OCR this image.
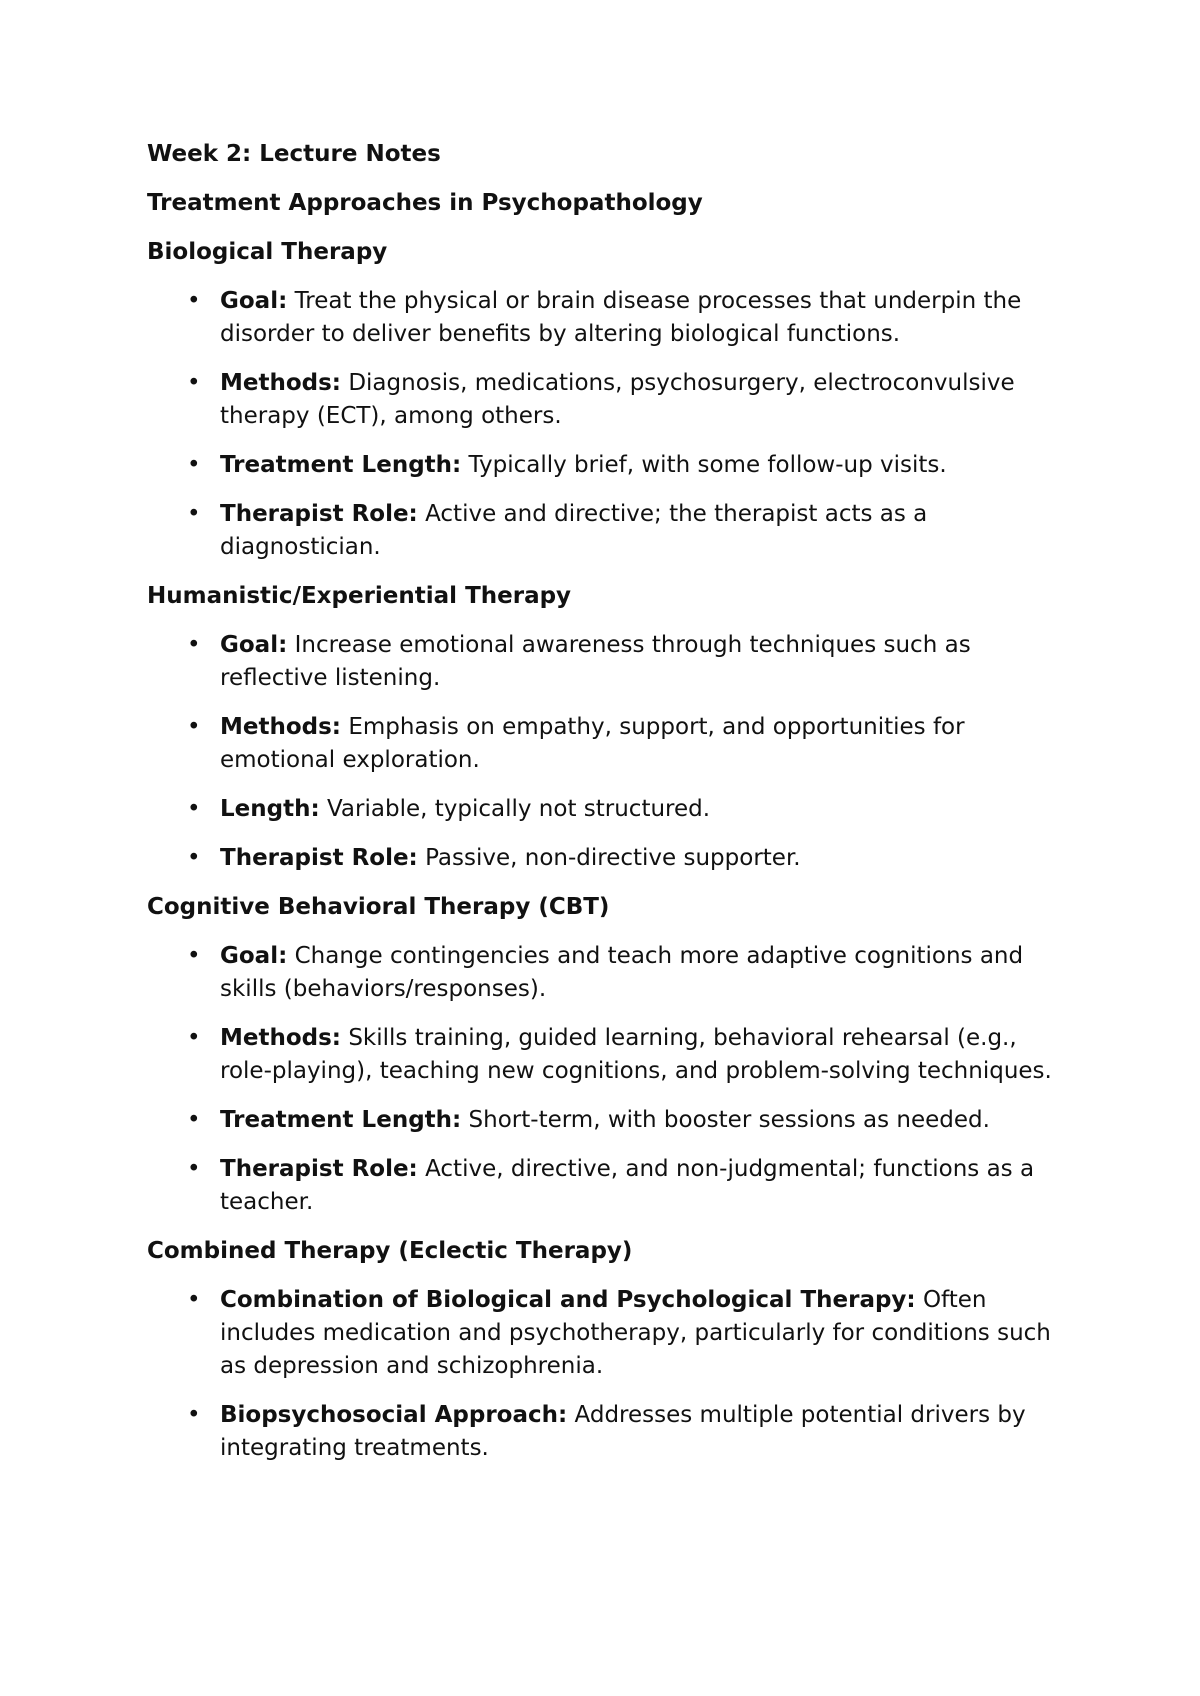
Week 2: Lecture Notes
Treatment Approaches in Psychopathology
Biological Therapy
•
Goal: Treat the physical or brain disease processes that underpin the disorder to deliver benefits by altering biological functions.
•
Methods: Diagnosis, medications, psychosurgery, electroconvulsive therapy (ECT), among others.
•
Treatment Length: Typically brief, with some follow-up visits.
•
Therapist Role: Active and directive; the therapist acts as a diagnostician.
Humanistic/Experiential Therapy
•
Goal: Increase emotional awareness through techniques such as reflective listening.
•
Methods: Emphasis on empathy, support, and opportunities for emotional exploration.
•
Length: Variable, typically not structured.
•
Therapist Role: Passive, non-directive supporter.
Cognitive Behavioral Therapy (CBT)
•
Goal: Change contingencies and teach more adaptive cognitions and skills (behaviors/responses).
•
Methods: Skills training, guided learning, behavioral rehearsal (e.g., role-playing), teaching new cognitions, and problem-solving techniques.
•
Treatment Length: Short-term, with booster sessions as needed.
•
Therapist Role: Active, directive, and non-judgmental; functions as a teacher.
Combined Therapy (Eclectic Therapy)
•
Combination of Biological and Psychological Therapy: Often includes medication and psychotherapy, particularly for conditions such as depression and schizophrenia.
•
Biopsychosocial Approach: Addresses multiple potential drivers by integrating treatments.
